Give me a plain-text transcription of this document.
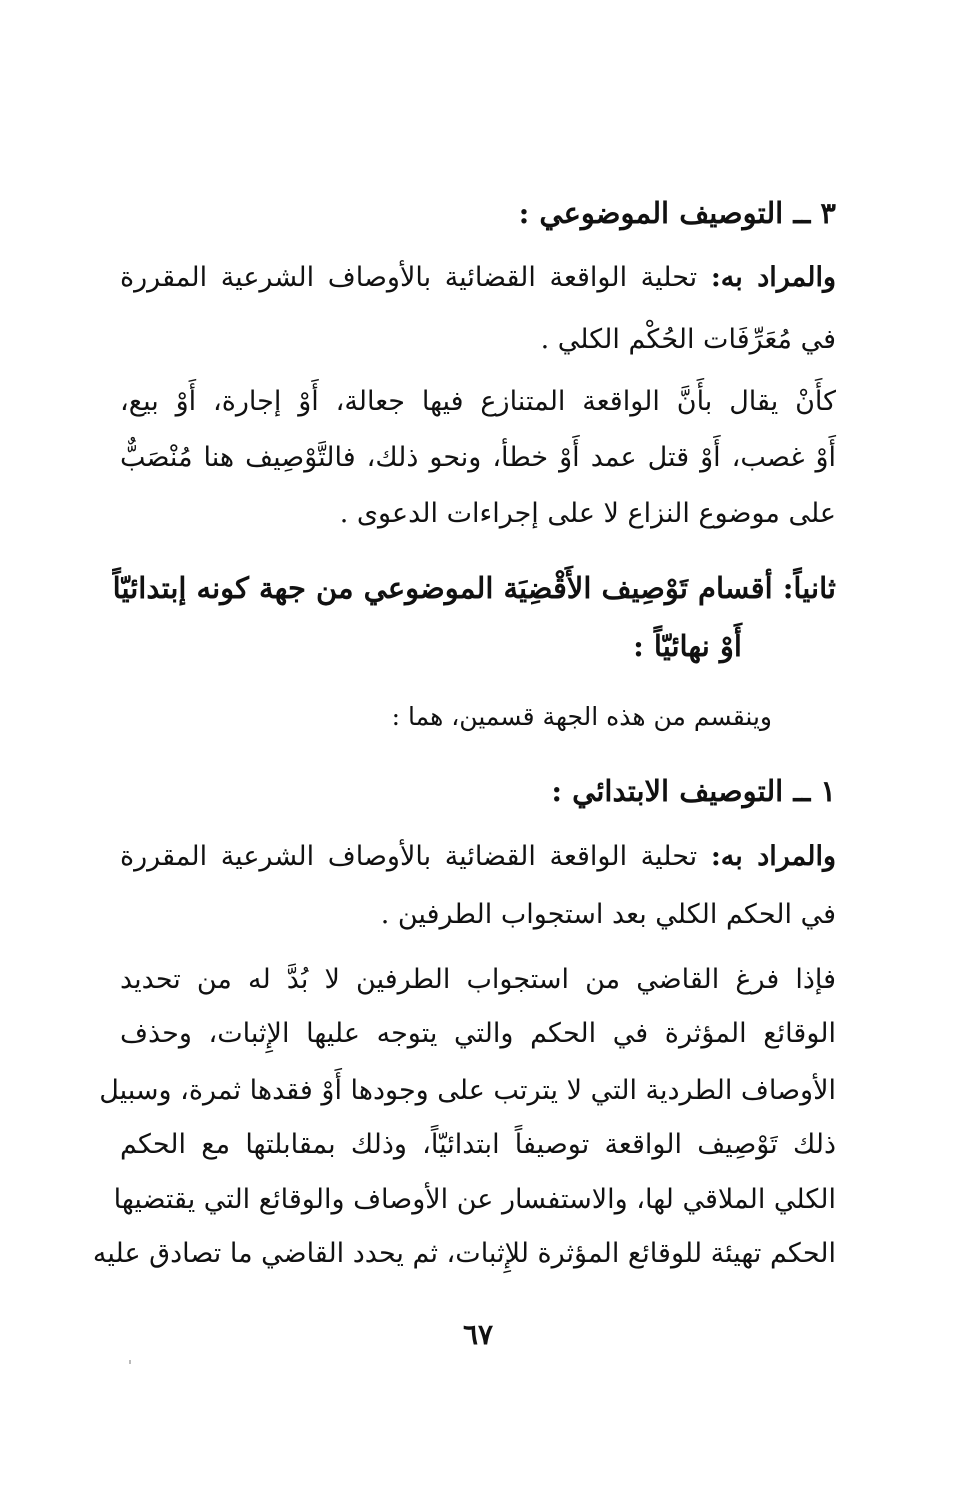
٣ ــ التوصيف الموضوعي :
والمراد به: تحلية الواقعة القضائية بالأوصاف الشرعية المقررة
في مُعَرِّفَات الحُكْم الكلي .
كأَنْ يقال بأَنَّ الواقعة المتنازع فيها جعالة، أَوْ إجارة، أَوْ بيع،
أَوْ غصب، أَوْ قتل عمد أَوْ خطأ، ونحو ذلك، فالتَّوْصِيف هنا مُنْصَبٌّ
على موضوع النزاع لا على إجراءات الدعوى .
ثانياً: أقسام تَوْصِيف الأَقْضِيَة الموضوعي من جهة كونه إبتدائيّاً
أَوْ نهائيّاً :
وينقسم من هذه الجهة قسمين، هما :
١ ــ التوصيف الابتدائي :
والمراد به: تحلية الواقعة القضائية بالأوصاف الشرعية المقررة
في الحكم الكلي بعد استجواب الطرفين .
فإذا فرغ القاضي من استجواب الطرفين لا بُدَّ له من تحديد
الوقائع المؤثرة في الحكم والتي يتوجه عليها الإِثبات، وحذف
الأوصاف الطردية التي لا يترتب على وجودها أَوْ فقدها ثمرة، وسبيل
ذلك تَوْصِيف الواقعة توصيفاً ابتدائيّاً، وذلك بمقابلتها مع الحكم
الكلي الملاقي لها، والاستفسار عن الأوصاف والوقائع التي يقتضيها
الحكم تهيئة للوقائع المؤثرة للإِثبات، ثم يحدد القاضي ما تصادق عليه
٦٧
